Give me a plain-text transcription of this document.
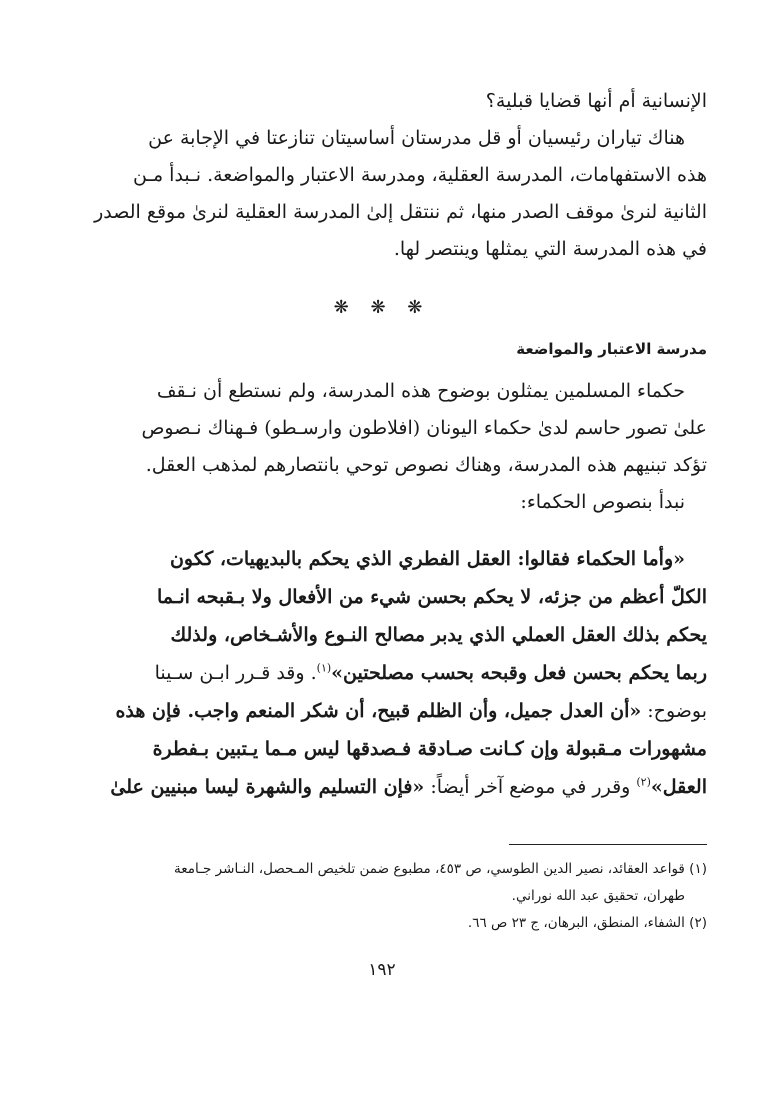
الإنسانية أم أنها قضايا قبلية؟
هناك تياران رئيسيان أو قل مدرستان أساسيتان تنازعتا في الإجابة عن
هذه الاستفهامات، المدرسة العقلية، ومدرسة الاعتبار والمواضعة. نـبدأ مـن
الثانية لنرىٰ موقف الصدر منها، ثم ننتقل إلىٰ المدرسة العقلية لنرىٰ موقع الصدر
في هذه المدرسة التي يمثلها وينتصر لها.
❋ ❋ ❋
مدرسة الاعتبار والمواضعة
حكماء المسلمين يمثلون بوضوح هذه المدرسة، ولم نستطع أن نـقف
علىٰ تصور حاسم لدىٰ حكماء اليونان (افلاطون وارسـطو) فـهناك نـصوص
تؤكد تبنيهم هذه المدرسة، وهناك نصوص توحي بانتصارهم لمذهب العقل.
نبدأ بنصوص الحكماء:
«وأما الحكماء فقالوا: العقل الفطري الذي يحكم بالبديهيات، ككون
الكلّ أعظم من جزئه، لا يحكم بحسن شيء من الأفعال ولا بـقبحه انـما
يحكم بذلك العقل العملي الذي يدبر مصالح النـوع والأشـخاص، ولذلك
ربما يحكم بحسن فعل وقبحه بحسب مصلحتين»$^{(١)}$. وقد قـرر ابـن سـينا
بوضوح: «أن العدل جميل، وأن الظلم قبيح، أن شكر المنعم واجب. فإن هذه
مشهورات مـقبولة وإن كـانت صـادقة فـصدقها ليس مـما يـتبين بـفطرة
العقل»$^{(٢)}$ وقرر في موضع آخر أيضاً: «فإن التسليم والشهرة ليسا مبنيين علىٰ
(١) قواعد العقائد، نصير الدين الطوسي، ص ٤٥٣، مطبوع ضمن تلخيص المـحصل، النـاشر جـامعة
طهران، تحقيق عبد الله نوراني.
(٢) الشفاء، المنطق، البرهان، ج ٢٣ ص ٦٦.
١٩٢
